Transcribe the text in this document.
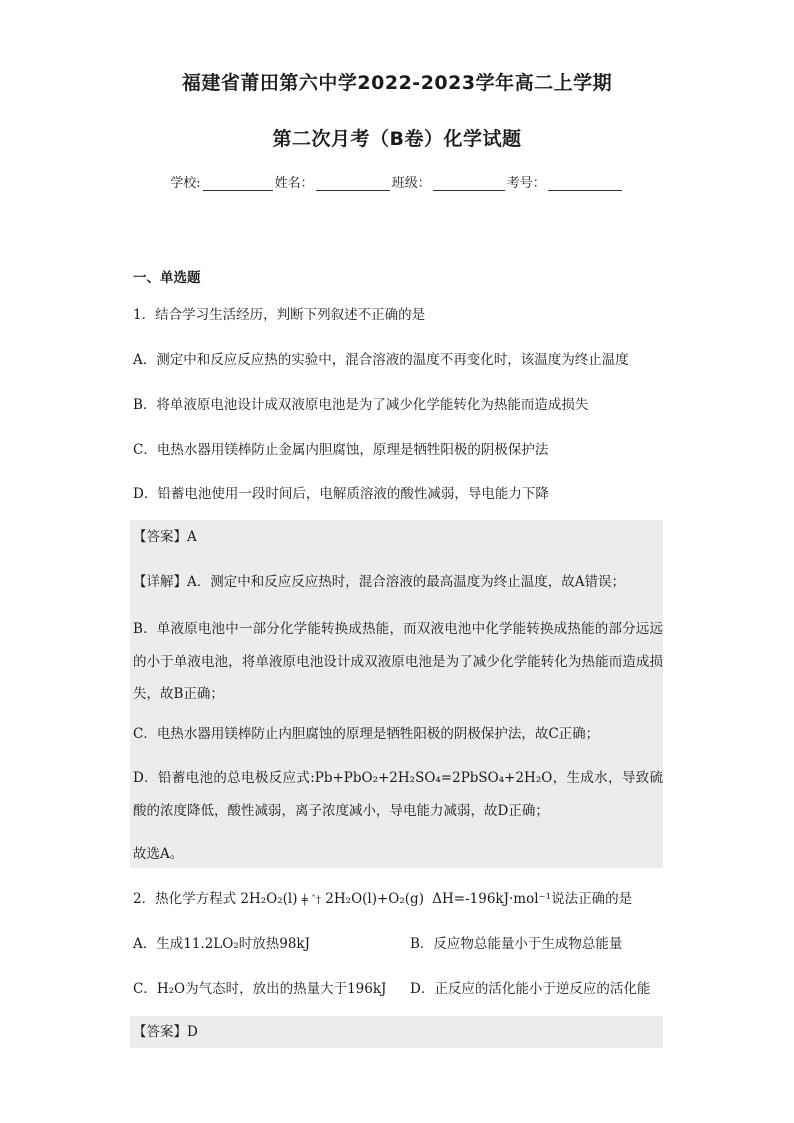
福建省莆田第六中学2022-2023学年高二上学期
第二次月考（B卷）化学试题
学校:	姓名：	班级：	考号：
一、单选题
1．结合学习生活经历，判断下列叙述不正确的是
A．测定中和反应反应热的实验中，混合溶液的温度不再变化时，该温度为终止温度
B．将单液原电池设计成双液原电池是为了减少化学能转化为热能而造成损失
C．电热水器用镁棒防止金属内胆腐蚀，原理是牺牲阳极的阴极保护法
D．铅蓄电池使用一段时间后，电解质溶液的酸性减弱，导电能力下降
【答案】A
【详解】A．测定中和反应反应热时，混合溶液的最高温度为终止温度，故A错误；
B．单液原电池中一部分化学能转换成热能，而双液电池中化学能转换成热能的部分远远的小于单液电池，将单液原电池设计成双液原电池是为了减少化学能转化为热能而造成损失，故B正确；
C．电热水器用镁棒防止内胆腐蚀的原理是牺牲阳极的阴极保护法，故C正确；
D．铅蓄电池的总电极反应式:Pb+PbO₂+2H₂SO₄=2PbSO₄+2H₂O，生成水，导致硫酸的浓度降低，酸性减弱，离子浓度减小，导电能力减弱，故D正确；
故选A。
2．热化学方程式 2H₂O₂(l) ╪ ˆ† 2H₂O(l)+O₂(g) ΔH=-196kJ·mol⁻¹说法正确的是
A．生成11.2LO₂时放热98kJ	B．反应物总能量小于生成物总能量
C．H₂O为气态时，放出的热量大于196kJ D．正反应的活化能小于逆反应的活化能
【答案】D
